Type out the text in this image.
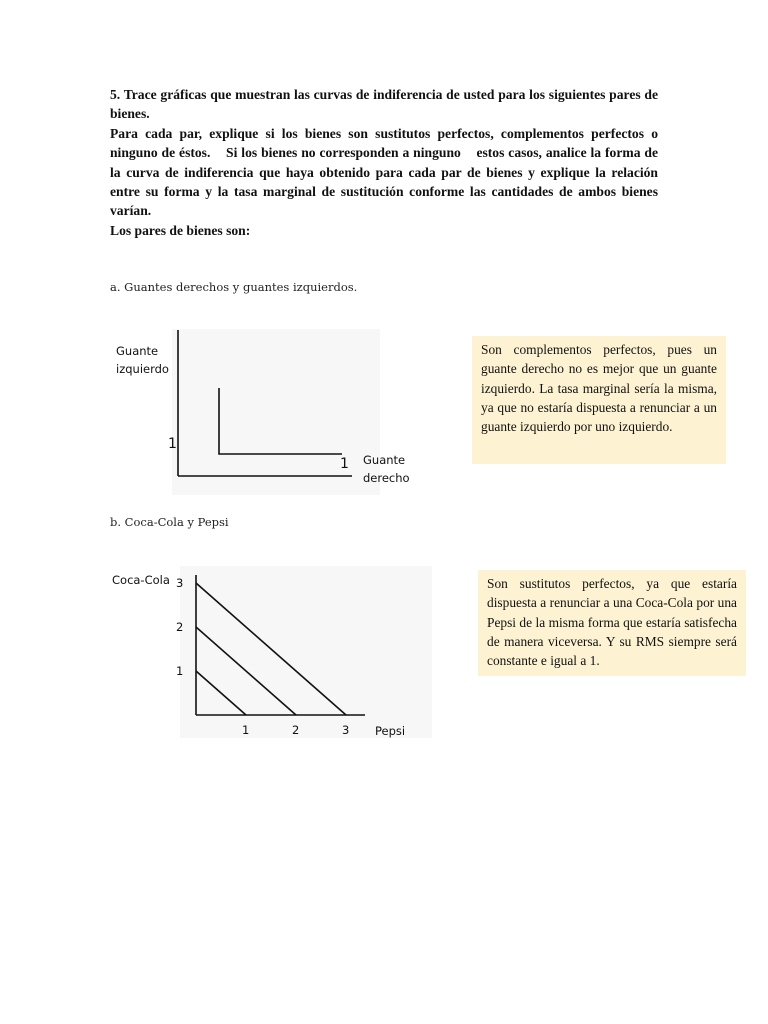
5. Trace gráficas que muestran las curvas de indiferencia de usted para los siguientes pares de bienes.

Para cada par, explique si los bienes son sustitutos perfectos, complementos perfectos o ninguno de éstos.    Si los bienes no corresponden a ninguno    estos casos, analice la forma de la curva de indiferencia que haya obtenido para cada par de bienes y explique la relación entre su forma y la tasa marginal de sustitución conforme las cantidades de ambos bienes varían.

Los pares de bienes son:

a. Guantes derechos y guantes izquierdos.

Guante
izquierdo
Guante
derecho
1
1
Son complementos perfectos, pues un guante derecho no es mejor que un guante izquierdo. La tasa marginal sería la misma, ya que no estaría dispuesta a renunciar a un guante izquierdo por uno izquierdo.

b. Coca-Cola y Pepsi

Coca-Cola
Pepsi
1
2
3
1	2	3
Son sustitutos perfectos, ya que estaría dispuesta a renunciar a una Coca-Cola por una Pepsi de la misma forma que estaría satisfecha de manera viceversa. Y su RMS siempre será constante e igual a 1.
